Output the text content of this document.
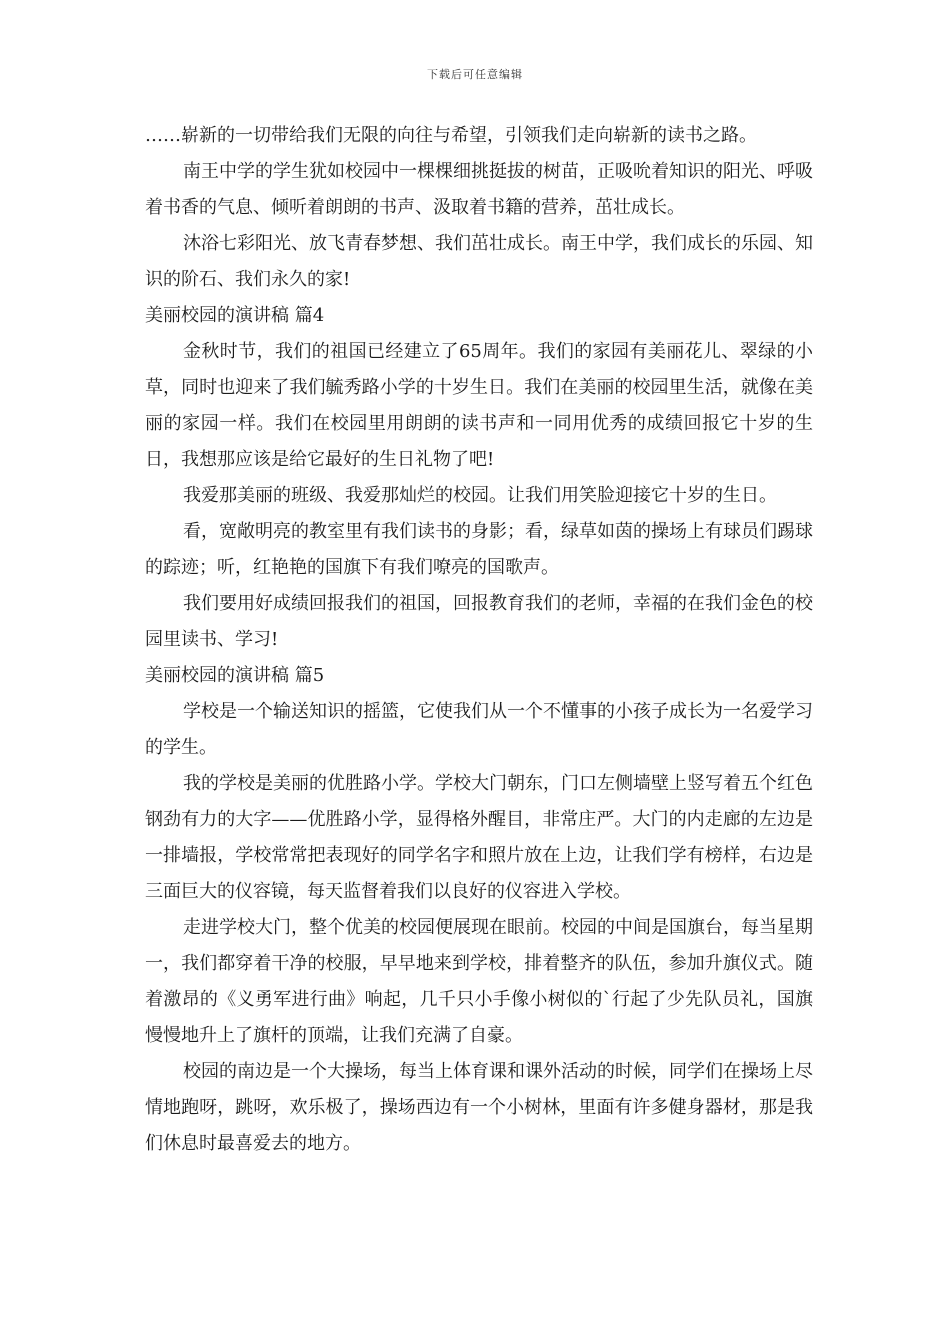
下载后可任意编辑

……崭新的一切带给我们无限的向往与希望，引领我们走向崭新的读书之路。

南王中学的学生犹如校园中一棵棵细挑挺拔的树苗，正吸吮着知识的阳光、呼吸着书香的气息、倾听着朗朗的书声、汲取着书籍的营养，茁壮成长。

沐浴七彩阳光、放飞青春梦想、我们茁壮成长。南王中学，我们成长的乐园、知识的阶石、我们永久的家!

美丽校园的演讲稿 篇4

金秋时节，我们的祖国已经建立了65周年。我们的家园有美丽花儿、翠绿的小草，同时也迎来了我们毓秀路小学的十岁生日。我们在美丽的校园里生活，就像在美丽的家园一样。我们在校园里用朗朗的读书声和一同用优秀的成绩回报它十岁的生日，我想那应该是给它最好的生日礼物了吧!

我爱那美丽的班级、我爱那灿烂的校园。让我们用笑脸迎接它十岁的生日。

看，宽敞明亮的教室里有我们读书的身影；看，绿草如茵的操场上有球员们踢球的踪迹；听，红艳艳的国旗下有我们嘹亮的国歌声。

我们要用好成绩回报我们的祖国，回报教育我们的老师，幸福的在我们金色的校园里读书、学习!

美丽校园的演讲稿 篇5

学校是一个输送知识的摇篮，它使我们从一个不懂事的小孩子成长为一名爱学习的学生。

我的学校是美丽的优胜路小学。学校大门朝东，门口左侧墙壁上竖写着五个红色钢劲有力的大字——优胜路小学，显得格外醒目，非常庄严。大门的内走廊的左边是一排墙报，学校常常把表现好的同学名字和照片放在上边，让我们学有榜样，右边是三面巨大的仪容镜，每天监督着我们以良好的仪容进入学校。

走进学校大门，整个优美的校园便展现在眼前。校园的中间是国旗台，每当星期一，我们都穿着干净的校服，早早地来到学校，排着整齐的队伍，参加升旗仪式。随着激昂的《义勇军进行曲》响起，几千只小手像小树似的`行起了少先队员礼，国旗慢慢地升上了旗杆的顶端，让我们充满了自豪。

校园的南边是一个大操场，每当上体育课和课外活动的时候，同学们在操场上尽情地跑呀，跳呀，欢乐极了，操场西边有一个小树林，里面有许多健身器材，那是我们休息时最喜爱去的地方。
